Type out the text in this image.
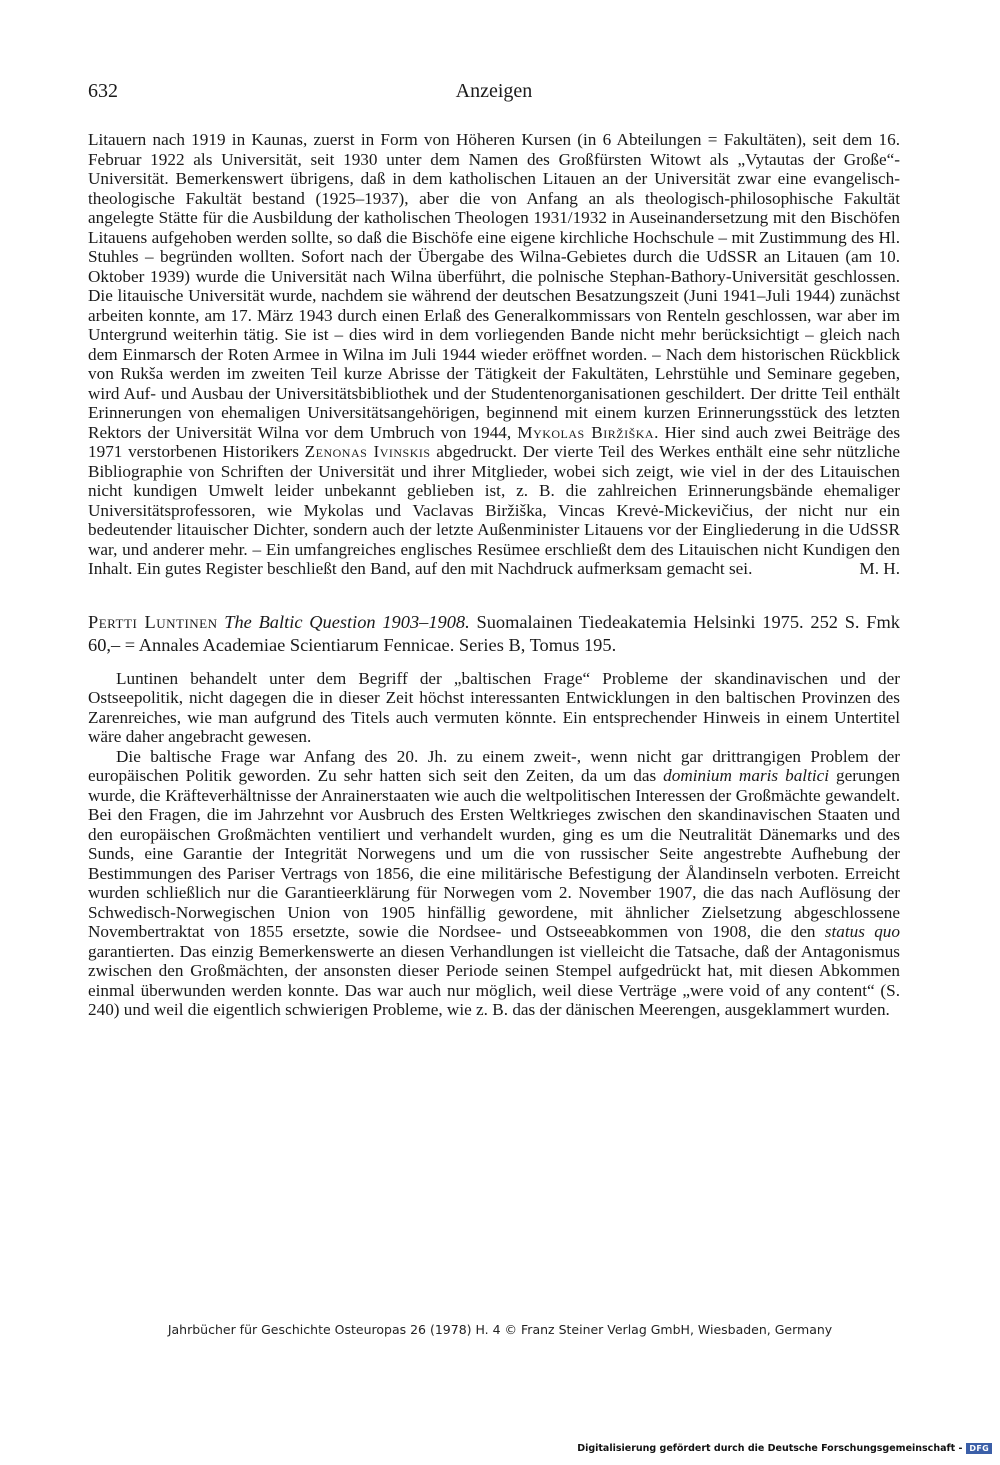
632	Anzeigen

Litauern nach 1919 in Kaunas, zuerst in Form von Höheren Kursen (in 6 Abteilungen = Fakultäten), seit dem 16. Februar 1922 als Universität, seit 1930 unter dem Namen des Großfürsten Witowt als „Vytautas der Große“-Universität. Bemerkenswert übrigens, daß in dem katholischen Litauen an der Universität zwar eine evangelisch-theologische Fakultät bestand (1925–1937), aber die von Anfang an als theologisch-philosophische Fakultät angelegte Stätte für die Ausbildung der katholischen Theologen 1931/1932 in Auseinandersetzung mit den Bischöfen Litauens aufgehoben werden sollte, so daß die Bischöfe eine eigene kirchliche Hochschule – mit Zustimmung des Hl. Stuhles – begründen wollten. Sofort nach der Übergabe des Wilna-Gebietes durch die UdSSR an Litauen (am 10. Oktober 1939) wurde die Universität nach Wilna überführt, die polnische Stephan-Bathory-Universität geschlossen. Die litauische Universität wurde, nachdem sie während der deutschen Besatzungszeit (Juni 1941–Juli 1944) zunächst arbeiten konnte, am 17. März 1943 durch einen Erlaß des Generalkommissars von Renteln geschlossen, war aber im Untergrund weiterhin tätig. Sie ist – dies wird in dem vorliegenden Bande nicht mehr berücksichtigt – gleich nach dem Einmarsch der Roten Armee in Wilna im Juli 1944 wieder eröffnet worden. – Nach dem historischen Rückblick von Rukša werden im zweiten Teil kurze Abrisse der Tätigkeit der Fakultäten, Lehrstühle und Seminare gegeben, wird Auf- und Ausbau der Universitätsbibliothek und der Studentenorganisationen geschildert. Der dritte Teil enthält Erinnerungen von ehemaligen Universitätsangehörigen, beginnend mit einem kurzen Erinnerungsstück des letzten Rektors der Universität Wilna vor dem Umbruch von 1944, Mykolas Biržiška. Hier sind auch zwei Beiträge des 1971 verstorbenen Historikers Zenonas Ivinskis abgedruckt. Der vierte Teil des Werkes enthält eine sehr nützliche Bibliographie von Schriften der Universität und ihrer Mitglieder, wobei sich zeigt, wie viel in der des Litauischen nicht kundigen Umwelt leider unbekannt geblieben ist, z. B. die zahlreichen Erinnerungsbände ehemaliger Universitätsprofessoren, wie Mykolas und Vaclavas Biržiška, Vincas Krevė-Mickevičius, der nicht nur ein bedeutender litauischer Dichter, sondern auch der letzte Außenminister Litauens vor der Eingliederung in die UdSSR war, und anderer mehr. – Ein umfangreiches englisches Resümee erschließt dem des Litauischen nicht Kundigen den Inhalt. Ein gutes Register beschließt den Band, auf den mit Nachdruck aufmerksam gemacht sei.	M. H.

Pertti Luntinen The Baltic Question 1903–1908. Suomalainen Tiedeakatemia Helsinki 1975. 252 S. Fmk 60,– = Annales Academiae Scientiarum Fennicae. Series B, Tomus 195.

Luntinen behandelt unter dem Begriff der „baltischen Frage“ Probleme der skandinavischen und der Ostseepolitik, nicht dagegen die in dieser Zeit höchst interessanten Entwicklungen in den baltischen Provinzen des Zarenreiches, wie man aufgrund des Titels auch vermuten könnte. Ein entsprechender Hinweis in einem Untertitel wäre daher angebracht gewesen.

Die baltische Frage war Anfang des 20. Jh. zu einem zweit-, wenn nicht gar drittrangigen Problem der europäischen Politik geworden. Zu sehr hatten sich seit den Zeiten, da um das dominium maris baltici gerungen wurde, die Kräfteverhältnisse der Anrainerstaaten wie auch die weltpolitischen Interessen der Großmächte gewandelt. Bei den Fragen, die im Jahrzehnt vor Ausbruch des Ersten Weltkrieges zwischen den skandinavischen Staaten und den europäischen Großmächten ventiliert und verhandelt wurden, ging es um die Neutralität Dänemarks und des Sunds, eine Garantie der Integrität Norwegens und um die von russischer Seite angestrebte Aufhebung der Bestimmungen des Pariser Vertrags von 1856, die eine militärische Befestigung der Ålandinseln verboten. Erreicht wurden schließlich nur die Garantieerklärung für Norwegen vom 2. November 1907, die das nach Auflösung der Schwedisch-Norwegischen Union von 1905 hinfällig gewordene, mit ähnlicher Zielsetzung abgeschlossene Novembertraktat von 1855 ersetzte, sowie die Nordsee- und Ostseeabkommen von 1908, die den status quo garantierten. Das einzig Bemerkenswerte an diesen Verhandlungen ist vielleicht die Tatsache, daß der Antagonismus zwischen den Großmächten, der ansonsten dieser Periode seinen Stempel aufgedrückt hat, mit diesen Abkommen einmal überwunden werden konnte. Das war auch nur möglich, weil diese Verträge „were void of any content“ (S. 240) und weil die eigentlich schwierigen Probleme, wie z. B. das der dänischen Meerengen, ausgeklammert wurden.

Jahrbücher für Geschichte Osteuropas 26 (1978) H. 4 © Franz Steiner Verlag GmbH, Wiesbaden, Germany
Digitalisierung gefördert durch die Deutsche Forschungsgemeinschaft - DFG
